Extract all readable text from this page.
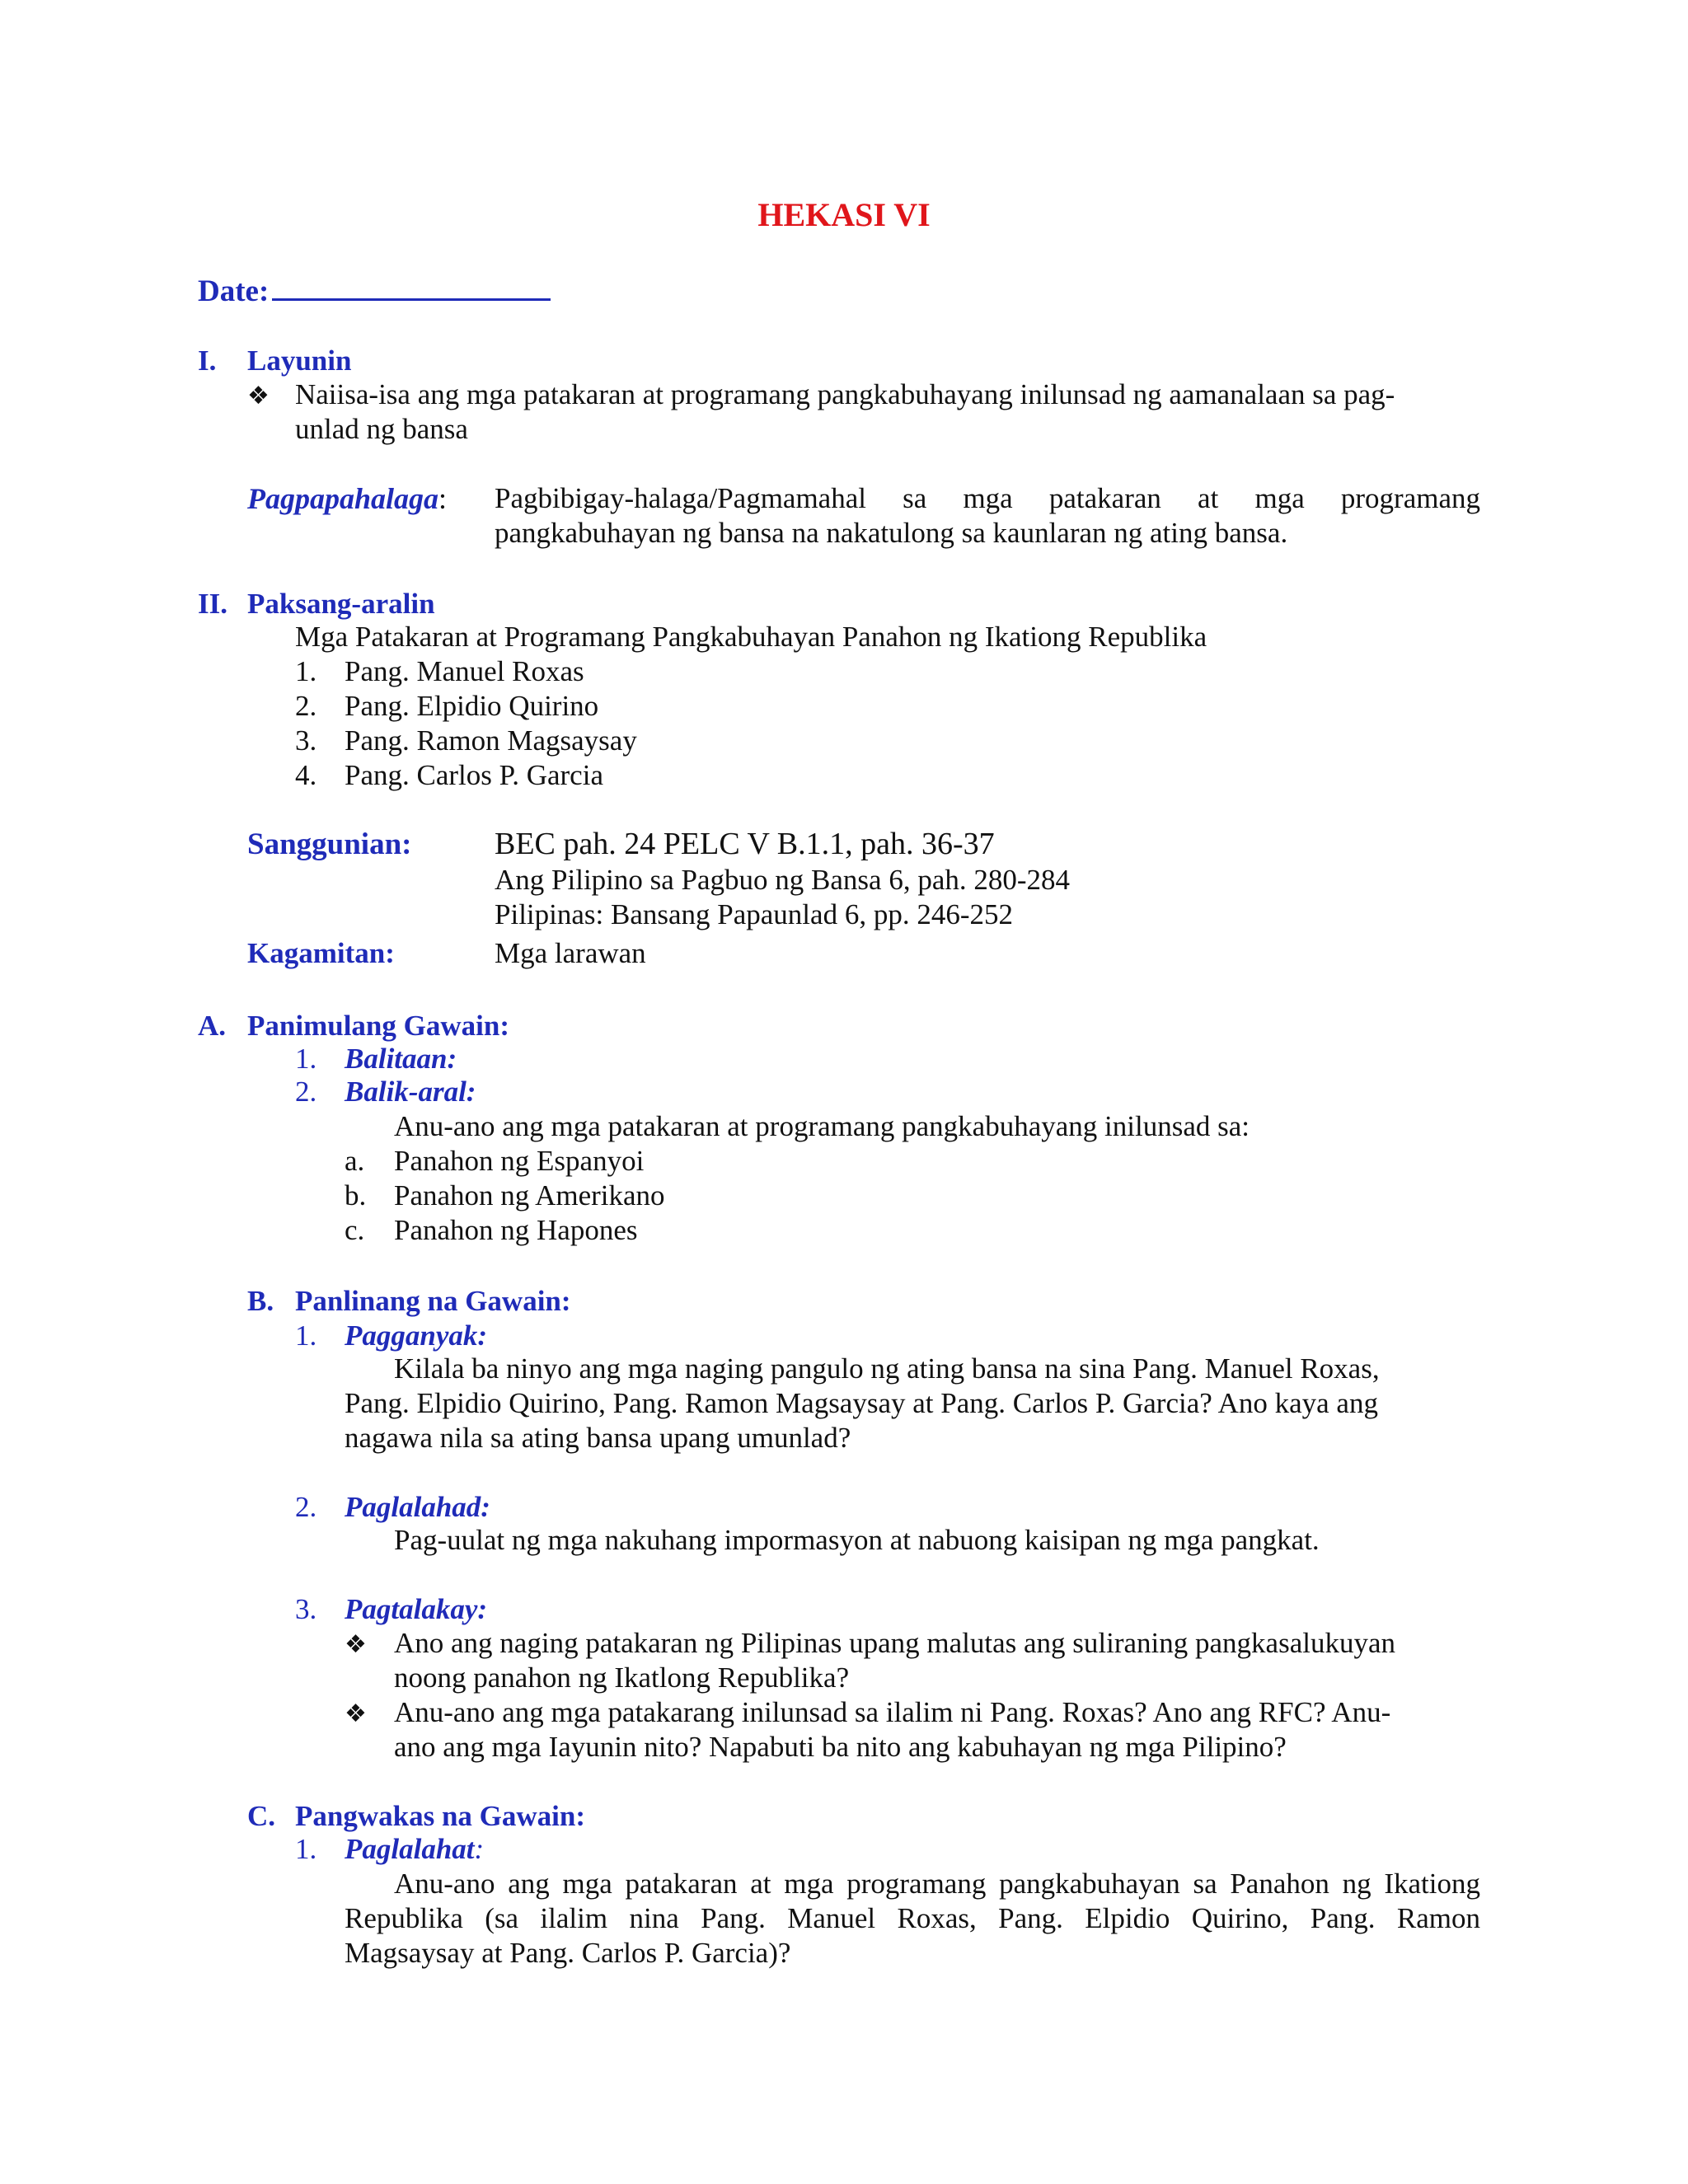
HEKASI VI
Date:
I. Layunin
❖ Naiisa-isa ang mga patakaran at programang pangkabuhayang inilunsad ng aamanalaan sa pag-
unlad ng bansa
Pagpapahalaga: Pagbibigay-halaga/Pagmamahal sa mga patakaran at mga programang
pangkabuhayan ng bansa na nakatulong sa kaunlaran ng ating bansa.
II. Paksang-aralin
Mga Patakaran at Programang Pangkabuhayan Panahon ng Ikationg Republika
1. Pang. Manuel Roxas
2. Pang. Elpidio Quirino
3. Pang. Ramon Magsaysay
4. Pang. Carlos P. Garcia
Sanggunian:	BEC pah. 24 PELC V B.1.1, pah. 36-37
Ang Pilipino sa Pagbuo ng Bansa 6, pah. 280-284
Pilipinas: Bansang Papaunlad 6, pp. 246-252
Kagamitan:	Mga larawan
A. Panimulang Gawain:
1. Balitaan:
2. Balik-aral:
Anu-ano ang mga patakaran at programang pangkabuhayang inilunsad sa:
a. Panahon ng Espanyoi
b. Panahon ng Amerikano
c. Panahon ng Hapones
B. Panlinang na Gawain:
1. Pagganyak:
Kilala ba ninyo ang mga naging pangulo ng ating bansa na sina Pang. Manuel Roxas,
Pang. Elpidio Quirino, Pang. Ramon Magsaysay at Pang. Carlos P. Garcia? Ano kaya ang
nagawa nila sa ating bansa upang umunlad?
2. Paglalahad:
Pag-uulat ng mga nakuhang impormasyon at nabuong kaisipan ng mga pangkat.
3. Pagtalakay:
❖ Ano ang naging patakaran ng Pilipinas upang malutas ang suliraning pangkasalukuyan
noong panahon ng Ikatlong Republika?
❖ Anu-ano ang mga patakarang inilunsad sa ilalim ni Pang. Roxas? Ano ang RFC? Anu-
ano ang mga Iayunin nito? Napabuti ba nito ang kabuhayan ng mga Pilipino?
C. Pangwakas na Gawain:
1. Paglalahat:
Anu-ano ang mga patakaran at mga programang pangkabuhayan sa Panahon ng Ikationg
Republika (sa ilalim nina Pang. Manuel Roxas, Pang. Elpidio Quirino, Pang. Ramon
Magsaysay at Pang. Carlos P. Garcia)?
